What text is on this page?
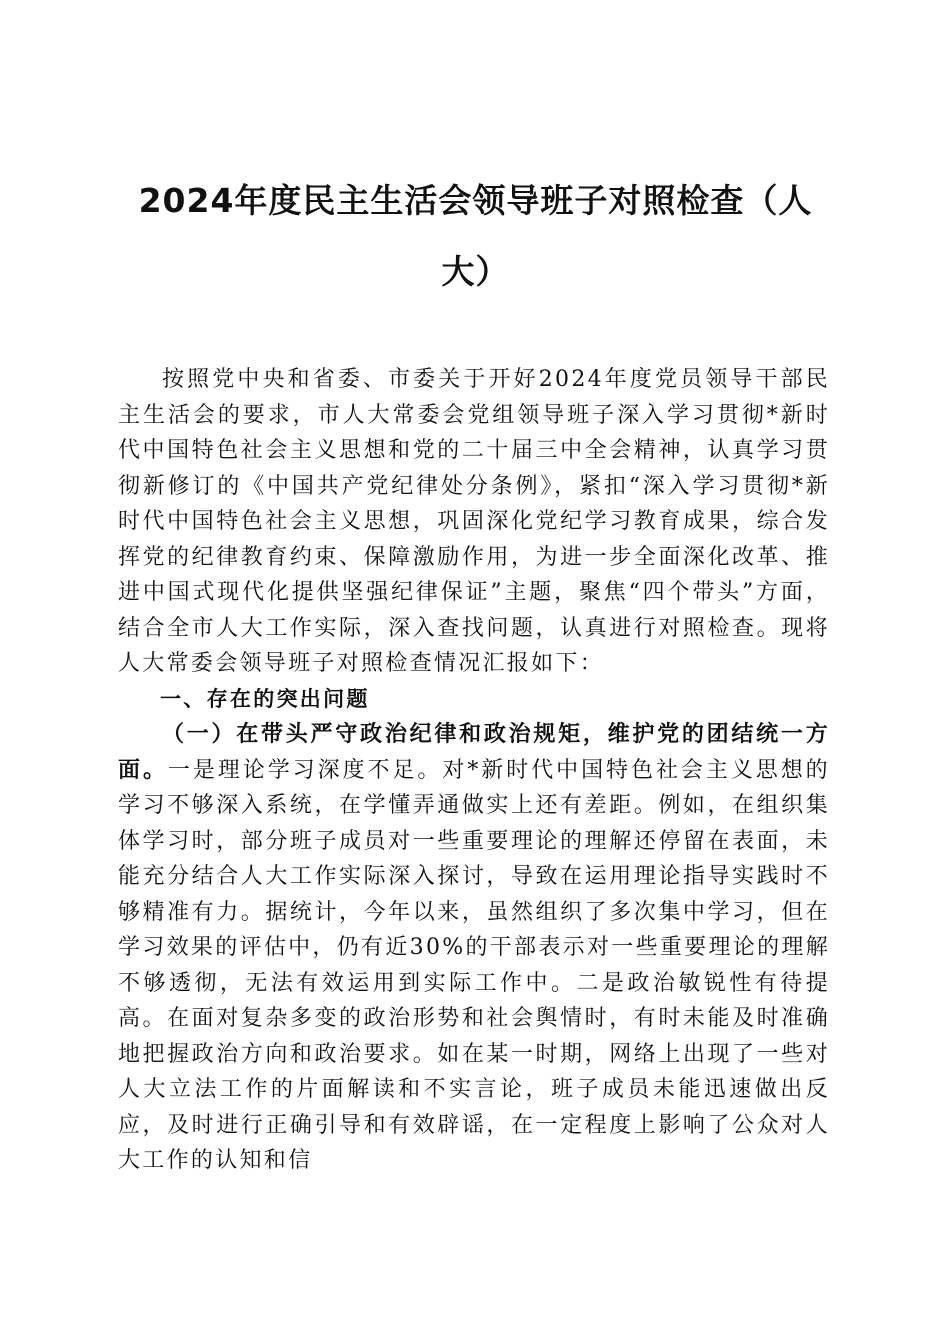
2024年度民主生活会领导班子对照检查（人大）

按照党中央和省委、市委关于开好2024年度党员领导干部民主生活会的要求，市人大常委会党组领导班子深入学习贯彻*新时代中国特色社会主义思想和党的二十届三中全会精神，认真学习贯彻新修订的《中国共产党纪律处分条例》，紧扣“深入学习贯彻*新时代中国特色社会主义思想，巩固深化党纪学习教育成果，综合发挥党的纪律教育约束、保障激励作用，为进一步全面深化改革、推进中国式现代化提供坚强纪律保证”主题，聚焦“四个带头”方面，结合全市人大工作实际，深入查找问题，认真进行对照检查。现将人大常委会领导班子对照检查情况汇报如下：

一、存在的突出问题

（一）在带头严守政治纪律和政治规矩，维护党的团结统一方面。一是理论学习深度不足。对*新时代中国特色社会主义思想的学习不够深入系统，在学懂弄通做实上还有差距。例如，在组织集体学习时，部分班子成员对一些重要理论的理解还停留在表面，未能充分结合人大工作实际深入探讨，导致在运用理论指导实践时不够精准有力。据统计，今年以来，虽然组织了多次集中学习，但在学习效果的评估中，仍有近30%的干部表示对一些重要理论的理解不够透彻，无法有效运用到实际工作中。二是政治敏锐性有待提高。在面对复杂多变的政治形势和社会舆情时，有时未能及时准确地把握政治方向和政治要求。如在某一时期，网络上出现了一些对人大立法工作的片面解读和不实言论，班子成员未能迅速做出反应，及时进行正确引导和有效辟谣，在一定程度上影响了公众对人大工作的认知和信
